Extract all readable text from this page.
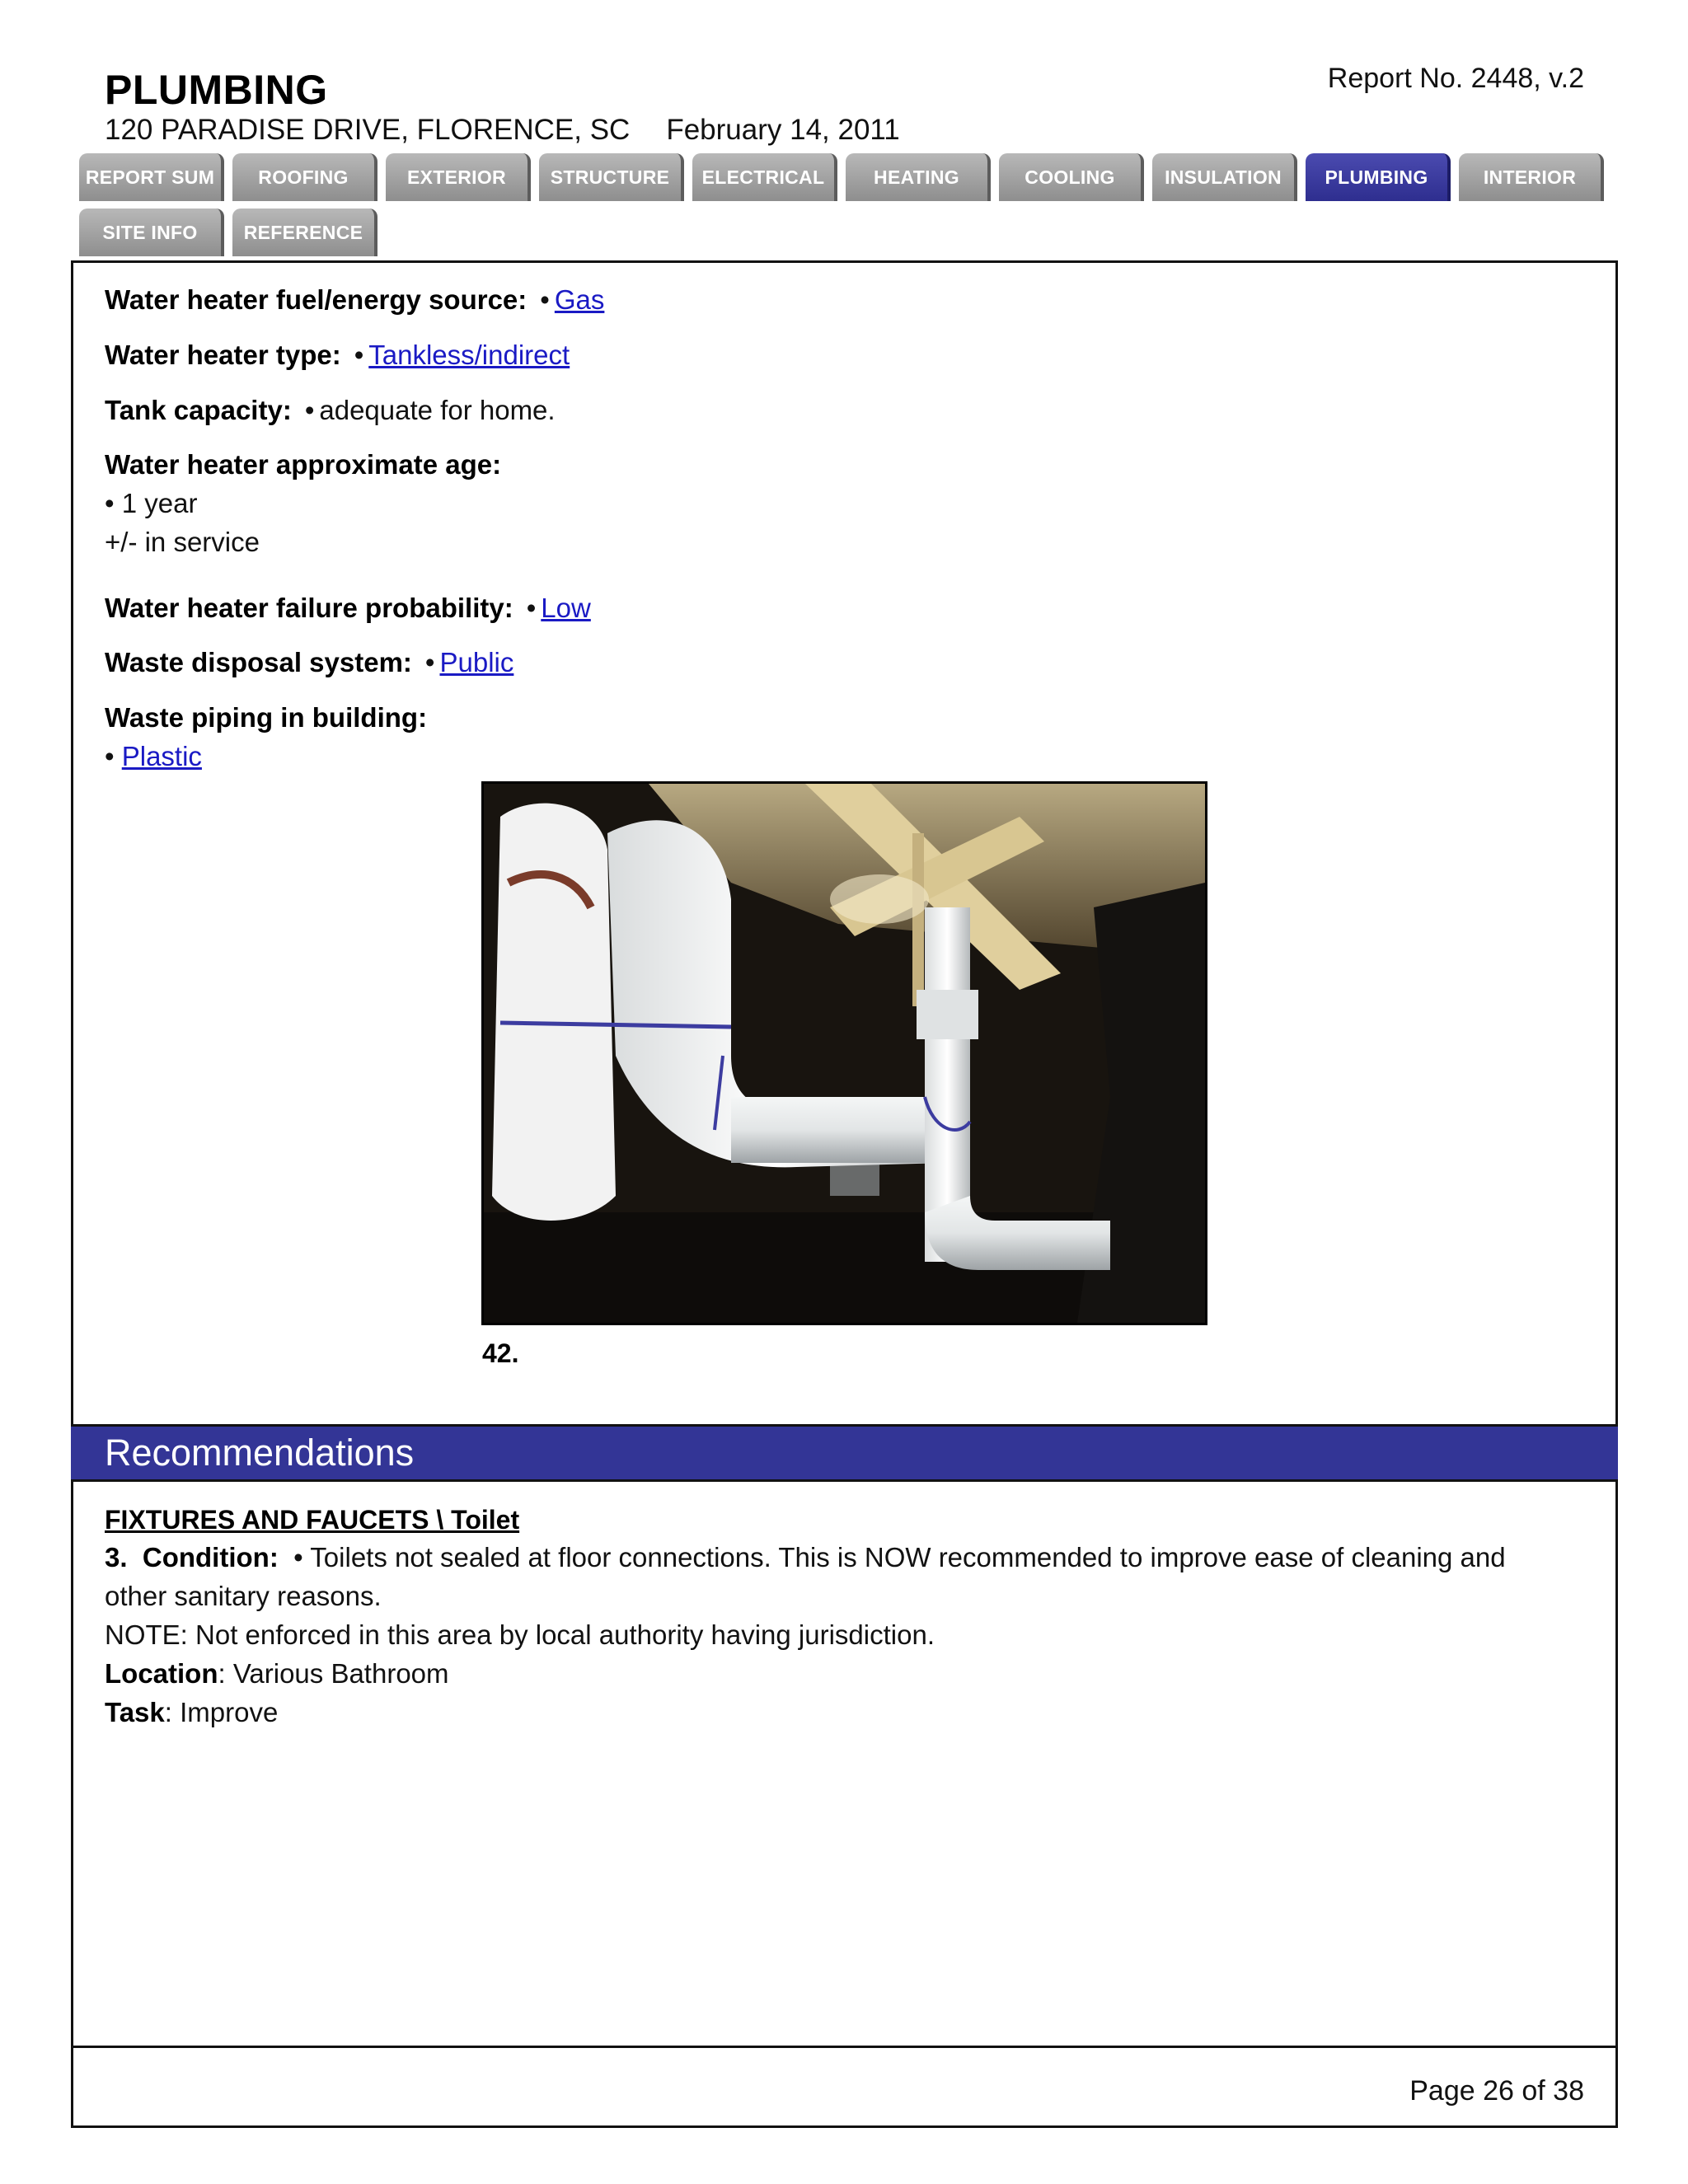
PLUMBING
120 PARADISE DRIVE, FLORENCE, SC February 14, 2011
Report No. 2448, v.2
REPORT SUM	ROOFING	EXTERIOR	STRUCTURE	ELECTRICAL	HEATING	COOLING	INSULATION	PLUMBING	INTERIOR
SITE INFO	REFERENCE
Water heater fuel/energy source: • Gas
Water heater type: • Tankless/indirect
Tank capacity: • adequate for home.
Water heater approximate age:
• 1 year
+/- in service
Water heater failure probability: • Low
Waste disposal system: • Public
Waste piping in building:
• Plastic
42.
Recommendations
FIXTURES AND FAUCETS \ Toilet
3. Condition: • Toilets not sealed at floor connections. This is NOW recommended to improve ease of cleaning and other sanitary reasons.
NOTE: Not enforced in this area by local authority having jurisdiction.
Location: Various Bathroom
Task: Improve
Page 26 of 38
